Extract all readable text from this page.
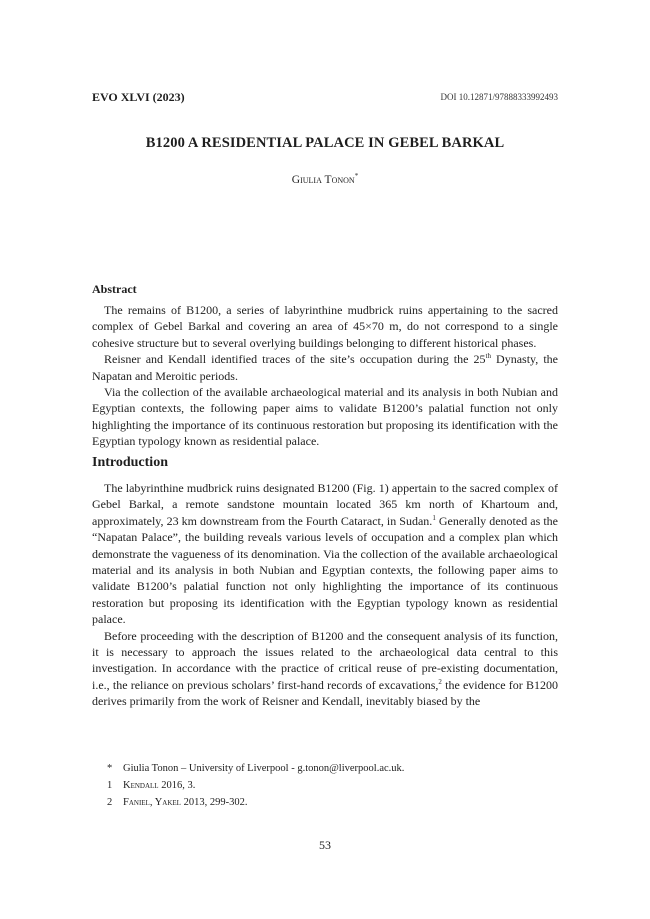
EVO XLVI (2023)	DOI 10.12871/97888333992493
B1200 A RESIDENTIAL PALACE IN GEBEL BARKAL
Giulia Tonon*
Abstract

The remains of B1200, a series of labyrinthine mudbrick ruins appertaining to the sacred complex of Gebel Barkal and covering an area of 45×70 m, do not correspond to a single cohesive structure but to several overlying buildings belonging to different historical phases.

Reisner and Kendall identified traces of the site’s occupation during the 25th Dynasty, the Napatan and Meroitic periods.

Via the collection of the available archaeological material and its analysis in both Nubian and Egyptian contexts, the following paper aims to validate B1200’s palatial function not only highlighting the importance of its continuous restoration but proposing its identification with the Egyptian typology known as residential palace.

Introduction

The labyrinthine mudbrick ruins designated B1200 (Fig. 1) appertain to the sacred complex of Gebel Barkal, a remote sandstone mountain located 365 km north of Khartoum and, approximately, 23 km downstream from the Fourth Cataract, in Sudan.$^1$ Generally denoted as the “Napatan Palace”, the building reveals various levels of occupation and a complex plan which demonstrate the vagueness of its denomination. Via the collection of the available archaeological material and its analysis in both Nubian and Egyptian contexts, the following paper aims to validate B1200’s palatial function not only highlighting the importance of its continuous restoration but proposing its identification with the Egyptian typology known as residential palace.

Before proceeding with the description of B1200 and the consequent analysis of its function, it is necessary to approach the issues related to the archaeological data central to this investigation. In accordance with the practice of critical reuse of pre-existing documentation, i.e., the reliance on previous scholars’ first-hand records of excavations,$^2$ the evidence for B1200 derives primarily from the work of Reisner and Kendall, inevitably biased by the

*	Giulia Tonon – University of Liverpool - g.tonon@liverpool.ac.uk.
1	Kendall 2016, 3.
2	Faniel, Yakel 2013, 299-302.
53
